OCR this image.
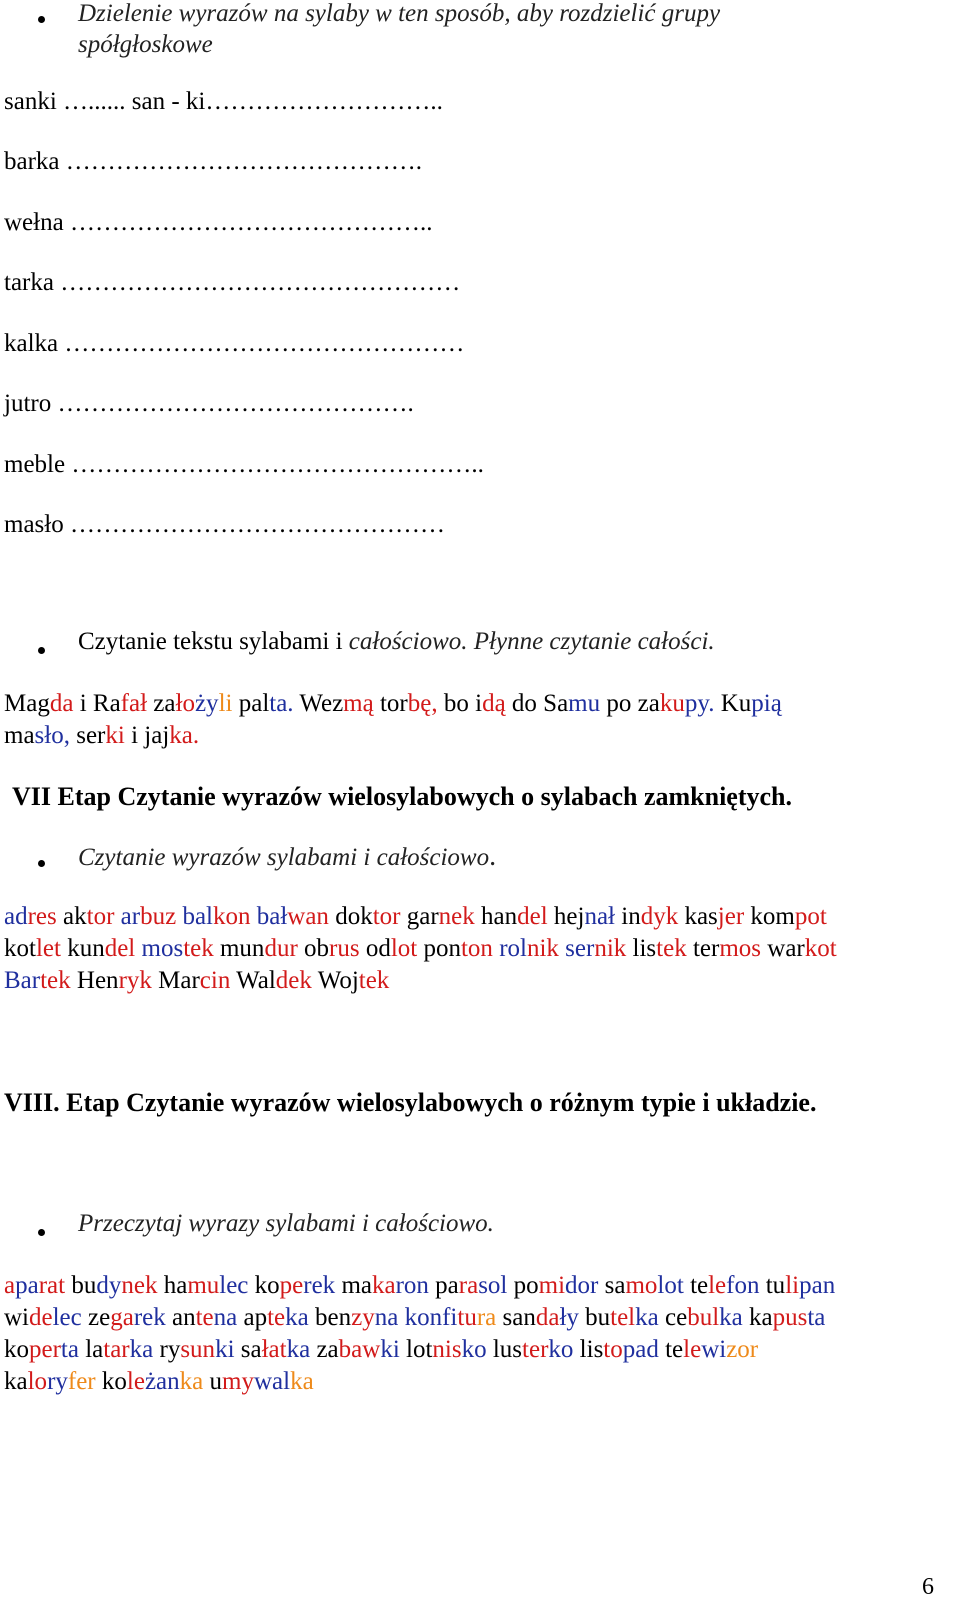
Dzielenie wyrazów na sylaby w ten sposób, aby rozdzielić grupy
spółgłoskowe
sanki …...... san - ki………………………..
barka …………………………………….
wełna ……………………………………..
tarka …………………………………………
kalka …………………………………………
jutro …………………………………….
meble …………………………………………..
masło ………………………………………
Czytanie tekstu sylabami i całościowo. Płynne czytanie całości.
Magda i Rafał założyli palta. Wezmą torbę, bo idą do Samu po zakupy. Kupią
masło, serki i jajka.
VII Etap Czytanie wyrazów wielosylabowych o sylabach zamkniętych.
Czytanie wyrazów sylabami i całościowo.
adres aktor arbuz balkon bałwan doktor garnek handel hejnał indyk kasjer kompot
kotlet kundel mostek mundur obrus odlot ponton rolnik sernik listek termos warkot
Bartek Henryk Marcin Waldek Wojtek
VIII. Etap Czytanie wyrazów wielosylabowych o różnym typie i układzie.
Przeczytaj wyrazy sylabami i całościowo.
aparat budynek hamulec koperek makaron parasol pomidor samolot telefon tulipan
widelec zegarek antena apteka benzyna konfitura sandały butelka cebulka kapusta
koperta latarka rysunki sałatka zabawki lotnisko lusterko listopad telewizor
kaloryfer koleżanka umywalka
6
